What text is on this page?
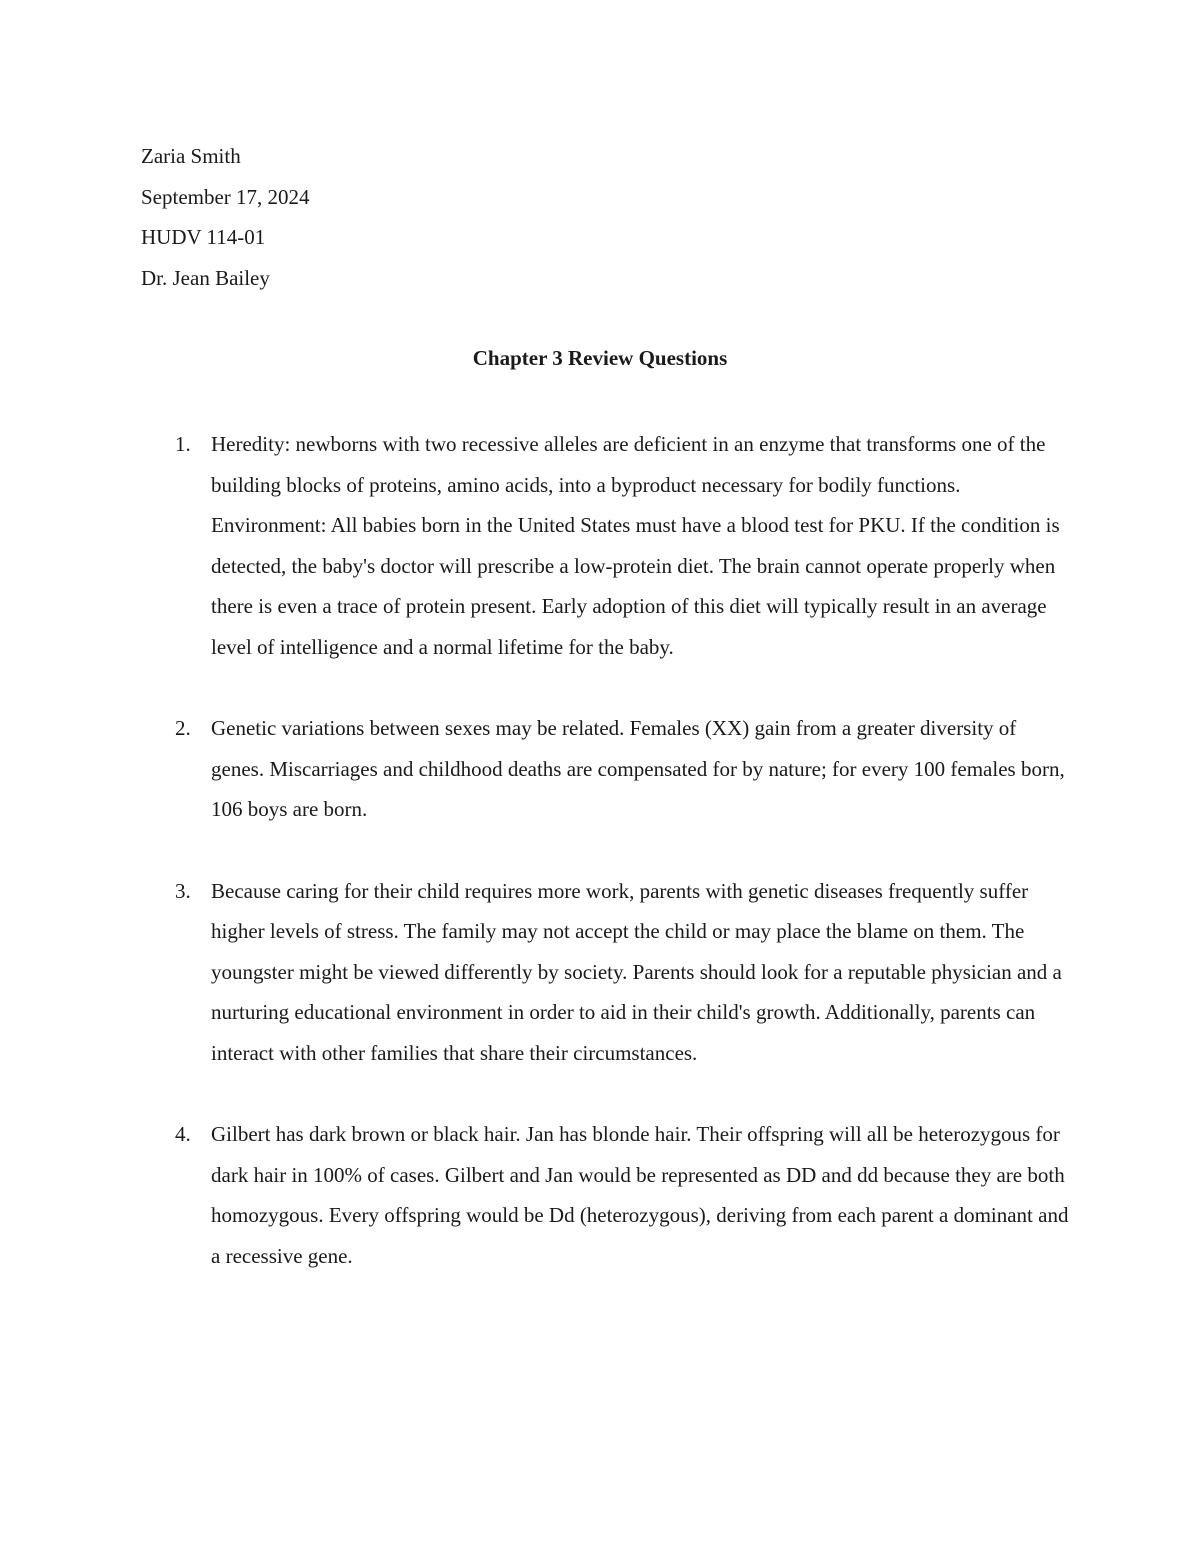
Zaria Smith
September 17, 2024
HUDV 114-01
Dr. Jean Bailey
Chapter 3 Review Questions
1. Heredity: newborns with two recessive alleles are deficient in an enzyme that transforms one of the building blocks of proteins, amino acids, into a byproduct necessary for bodily functions. Environment: All babies born in the United States must have a blood test for PKU. If the condition is detected, the baby's doctor will prescribe a low-protein diet. The brain cannot operate properly when there is even a trace of protein present. Early adoption of this diet will typically result in an average level of intelligence and a normal lifetime for the baby.
2. Genetic variations between sexes may be related. Females (XX) gain from a greater diversity of genes. Miscarriages and childhood deaths are compensated for by nature; for every 100 females born, 106 boys are born.
3. Because caring for their child requires more work, parents with genetic diseases frequently suffer higher levels of stress. The family may not accept the child or may place the blame on them. The youngster might be viewed differently by society. Parents should look for a reputable physician and a nurturing educational environment in order to aid in their child's growth. Additionally, parents can interact with other families that share their circumstances.
4. Gilbert has dark brown or black hair. Jan has blonde hair. Their offspring will all be heterozygous for dark hair in 100% of cases. Gilbert and Jan would be represented as DD and dd because they are both homozygous. Every offspring would be Dd (heterozygous), deriving from each parent a dominant and a recessive gene.
